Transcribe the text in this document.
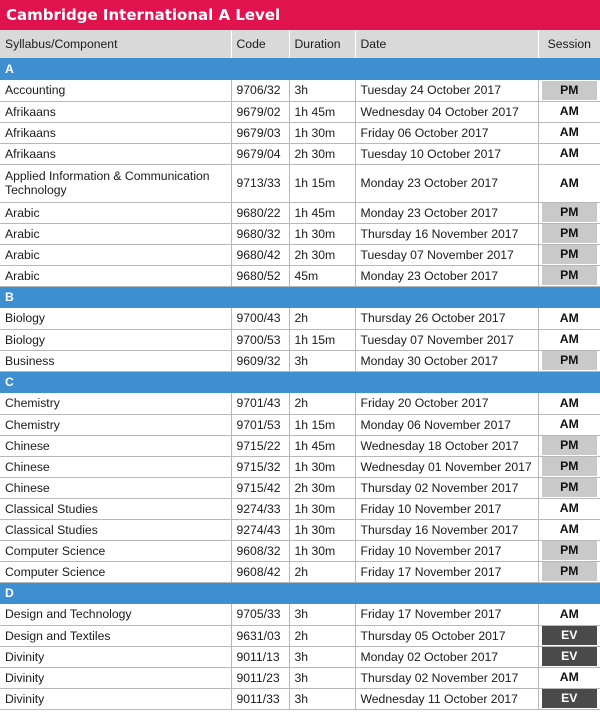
Cambridge International A Level
Syllabus/Component	Code	Duration	Date	Session
A				
Accounting	9706/32	3h	Tuesday 24 October 2017	PM

Afrikaans	9679/02	1h 45m	Wednesday 04 October 2017	AM

Afrikaans	9679/03	1h 30m	Friday 06 October 2017	AM

Afrikaans	9679/04	2h 30m	Tuesday 10 October 2017	AM

Applied Information & Communication Technology	9713/33	1h 15m	Monday 23 October 2017	AM

Arabic	9680/22	1h 45m	Monday 23 October 2017	PM

Arabic	9680/32	1h 30m	Thursday 16 November 2017	PM

Arabic	9680/42	2h 30m	Tuesday 07 November 2017	PM

Arabic	9680/52	45m	Monday 23 October 2017	PM

B				
Biology	9700/43	2h	Thursday 26 October 2017	AM

Biology	9700/53	1h 15m	Tuesday 07 November 2017	AM

Business	9609/32	3h	Monday 30 October 2017	PM

C				
Chemistry	9701/43	2h	Friday 20 October 2017	AM

Chemistry	9701/53	1h 15m	Monday 06 November 2017	AM

Chinese	9715/22	1h 45m	Wednesday 18 October 2017	PM

Chinese	9715/32	1h 30m	Wednesday 01 November 2017	PM

Chinese	9715/42	2h 30m	Thursday 02 November 2017	PM

Classical Studies	9274/33	1h 30m	Friday 10 November 2017	AM

Classical Studies	9274/43	1h 30m	Thursday 16 November 2017	AM

Computer Science	9608/32	1h 30m	Friday 10 November 2017	PM

Computer Science	9608/42	2h	Friday 17 November 2017	PM

D				
Design and Technology	9705/33	3h	Friday 17 November 2017	AM

Design and Textiles	9631/03	2h	Thursday 05 October 2017	EV

Divinity	9011/13	3h	Monday 02 October 2017	EV

Divinity	9011/23	3h	Thursday 02 November 2017	AM

Divinity	9011/33	3h	Wednesday 11 October 2017	EV
